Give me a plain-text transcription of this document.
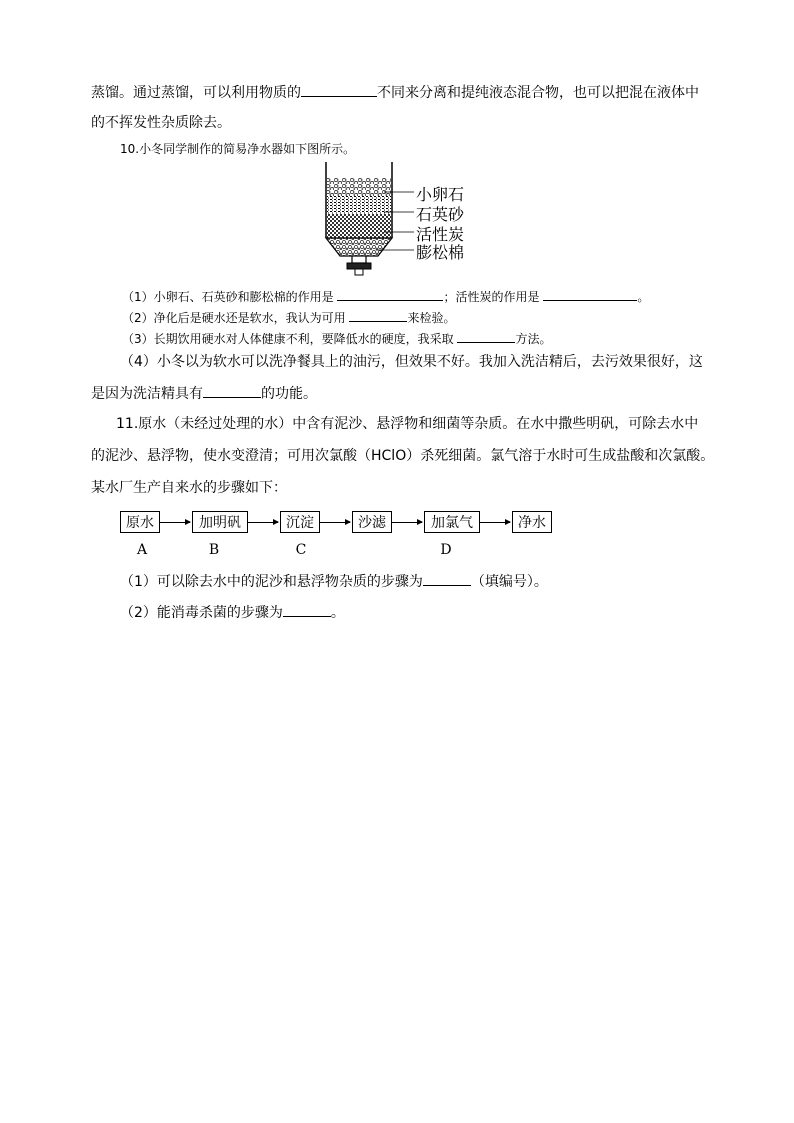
蒸馏。通过蒸馏，可以利用物质的	不同来分离和提纯液态混合物，也可以把混在液体中
的不挥发性杂质除去。
10.小冬同学制作的简易净水器如下图所示。
小卵石
石英砂
活性炭
膨松棉
（1）小卵石、石英砂和膨松棉的作用是	；活性炭的作用是	。
（2）净化后是硬水还是软水，我认为可用	来检验。
（3）长期饮用硬水对人体健康不利，要降低水的硬度，我采取	方法。
（4）小冬以为软水可以洗净餐具上的油污，但效果不好。我加入洗洁精后，去污效果很好，这
是因为洗洁精具有	的功能。
11.原水（未经过处理的水）中含有泥沙、悬浮物和细菌等杂质。在水中撒些明矾，可除去水中
的泥沙、悬浮物，使水变澄清；可用次氯酸（HClO）杀死细菌。氯气溶于水时可生成盐酸和次氯酸。
某水厂生产自来水的步骤如下：
原水	加明矾	沉淀	沙滤	加氯气	净水
A	B	C	D
（1）可以除去水中的泥沙和悬浮物杂质的步骤为	（填编号）。
（2）能消毒杀菌的步骤为	。
